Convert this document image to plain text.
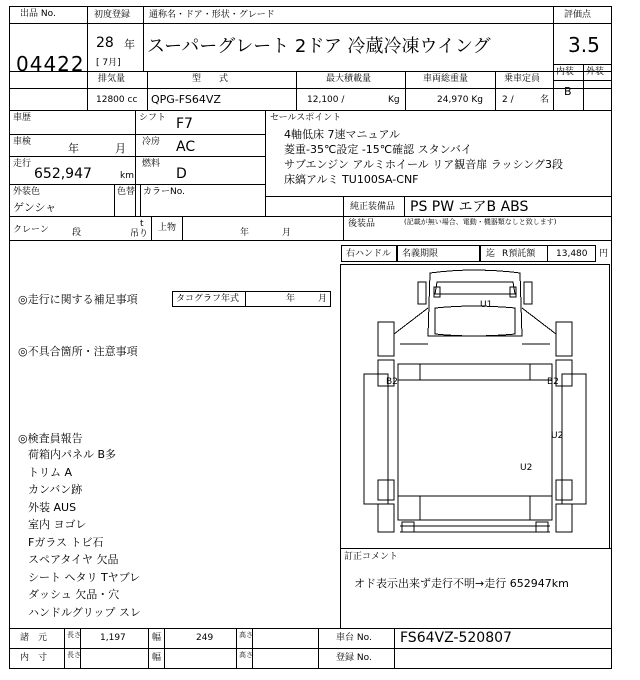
出品 No.
04422
初度登録
28 年
[ 7月]
通称名・ドア・形状・グレード
スーパーグレート 2ドア 冷蔵冷凍ウイング
評価点
3.5
内装 外装
B
排気量
12800 cc
型　　式
QPG-FS64VZ
最大積載量
12,100 /	Kg
車両総重量
24,970 Kg
乗車定員
2 /	名
車歴	シフト F7
車検	年	月 冷房 AC
走行
652,947	km
燃料
D
外装色
ゲンシャ
色替 カラーNo.
クレーン	段
t
吊り
上物	年	月
セールスポイント
4軸低床 7速マニュアル
菱重-35℃設定 -15℃確認 スタンバイ
サブエンジン アルミホイール リア観音扉 ラッシング3段
床縞アルミ TU100SA-CNF
純正装備品 PS PW エアB ABS
後装品	(記載が無い場合、電動・機器類なしと致します)
右ハンドル 名義期限	迄 R預託額 13,480 円
◎走行に関する補足事項	タコグラフ年式	年	月
◎不具合箇所・注意事項
◎検査員報告
荷箱内パネル B多
トリム A
カンバン跡
外装 AUS
室内 ヨゴレ
Fガラス トビ石
スペアタイヤ 欠品
シート ヘタリ Tヤブレ
ダッシュ 欠品・穴
ハンドルグリップ スレ
U1
B2	B2
U2
U2
訂正コメント
オド表示出来ず走行不明→走行 652947km
諸　元	長さ 1,197	幅	249	高さ
内　寸	長さ	幅	高さ
車台 No. FS64VZ-520807
登録 No.
